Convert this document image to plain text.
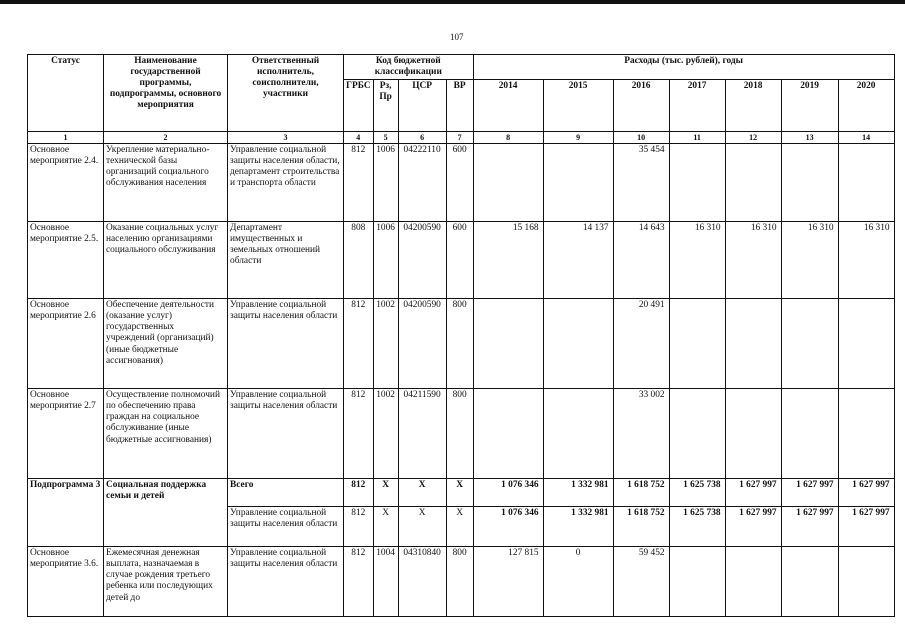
107
Статус	Наименование государственной программы, подпрограммы, основного мероприятия	Ответственный исполнитель, соисполнители, участники	Код бюджетной классификации				Расходы (тыс. рублей), годы						
			ГРБС	Рз, Пр	ЦСР	ВР	2014	2015	2016	2017	2018	2019	2020
1	2	3	4	5	6	7	8	9	10	11	12	13	14
Основное мероприятие 2.4.	Укрепление материально-технической базы организаций социального обслуживания населения	Управление социальной защиты населения области, департамент строительства и транспорта области	812	1006	04222110	600			35 454				
Основное мероприятие 2.5.	Оказание социальных услуг населению организациями социального обслуживания	Департамент имущественных и земельных отношений области	808	1006	04200590	600	15 168	14 137	14 643	16 310	16 310	16 310	16 310
Основное мероприятие 2.6	Обеспечение деятельности (оказание услуг) государственных учреждений (организаций) (иные бюджетные ассигнования)	Управление социальной защиты населения области	812	1002	04200590	800			20 491				
Основное мероприятие 2.7	Осуществление полномочий по обеспечению права граждан на социальное обслуживание (иные бюджетные ассигнования)	Управление социальной защиты населения области	812	1002	04211590	800			33 002				
Подпрограмма 3	Социальная поддержка семьи и детей	Всего	812	Х	Х	Х	1 076 346	1 332 981	1 618 752	1 625 738	1 627 997	1 627 997	1 627 997
		Управление социальной защиты населения области	812	Х	Х	Х	1 076 346	1 332 981	1 618 752	1 625 738	1 627 997	1 627 997	1 627 997
Основное мероприятие 3.6.	Ежемесячная денежная выплата, назначаемая в случае рождения третьего ребенка или последующих детей до	Управление социальной защиты населения области	812	1004	04310840	800	127 815	0	59 452				
